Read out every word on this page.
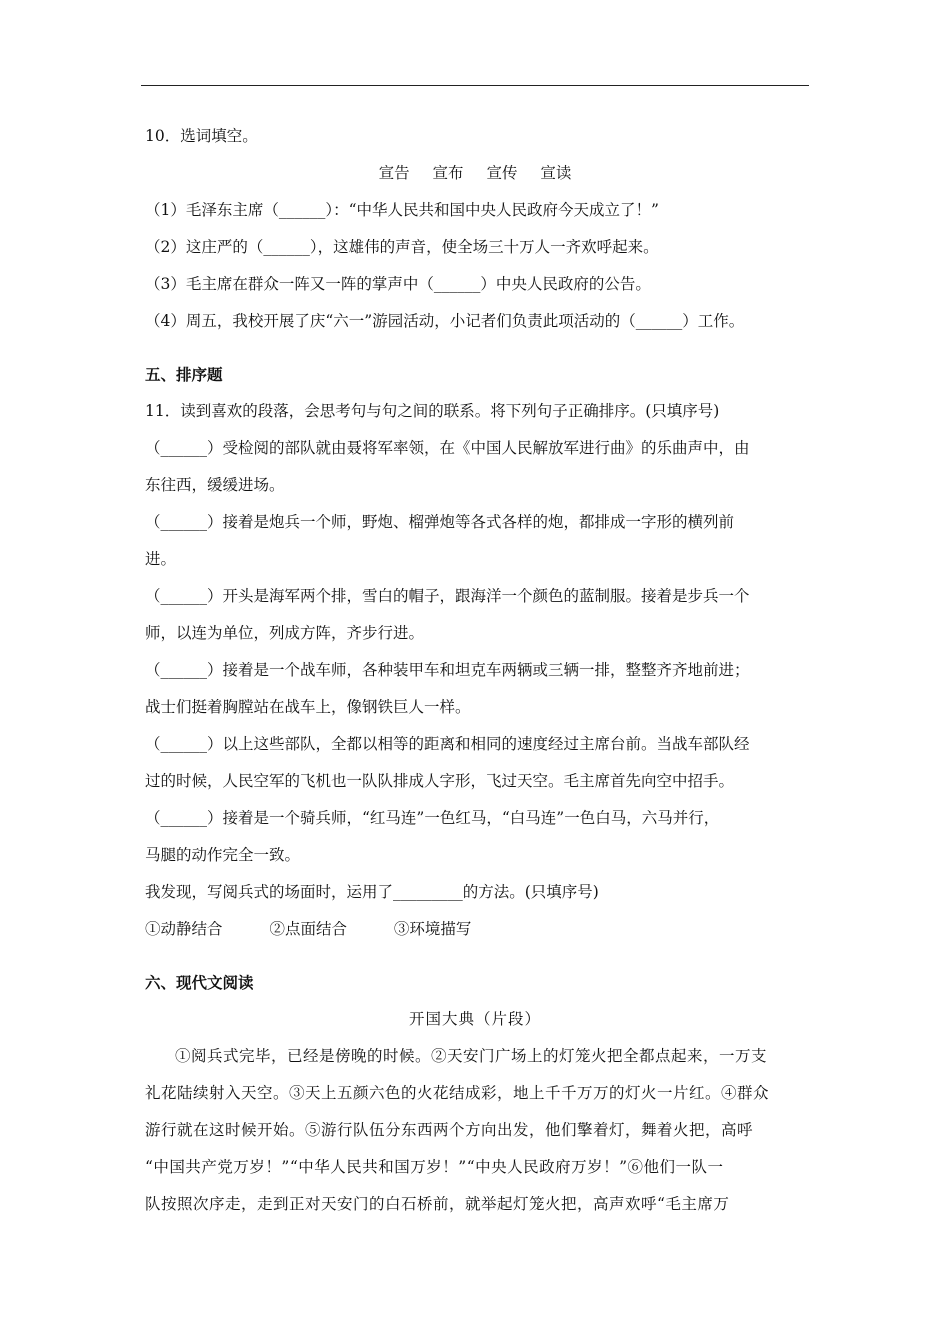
10．选词填空。
宣告 宣布 宣传 宣读
（1）毛泽东主席（______）：“中华人民共和国中央人民政府今天成立了！”
（2）这庄严的（______），这雄伟的声音，使全场三十万人一齐欢呼起来。
（3）毛主席在群众一阵又一阵的掌声中（______）中央人民政府的公告。
（4）周五，我校开展了庆“六一”游园活动，小记者们负责此项活动的（______）工作。
五、排序题
11．读到喜欢的段落，会思考句与句之间的联系。将下列句子正确排序。(只填序号)
（______）受检阅的部队就由聂将军率领，在《中国人民解放军进行曲》的乐曲声中，由
东往西，缓缓进场。
（______）接着是炮兵一个师，野炮、榴弹炮等各式各样的炮，都排成一字形的横列前
进。
（______）开头是海军两个排，雪白的帽子，跟海洋一个颜色的蓝制服。接着是步兵一个
师，以连为单位，列成方阵，齐步行进。
（______）接着是一个战车师，各种装甲车和坦克车两辆或三辆一排，整整齐齐地前进；
战士们挺着胸膛站在战车上，像钢铁巨人一样。
（______）以上这些部队，全都以相等的距离和相同的速度经过主席台前。当战车部队经
过的时候，人民空军的飞机也一队队排成人字形，飞过天空。毛主席首先向空中招手。
（______）接着是一个骑兵师，“红马连”一色红马，“白马连”一色白马，六马并行，
马腿的动作完全一致。
我发现，写阅兵式的场面时，运用了_________的方法。(只填序号)
①动静结合	②点面结合	③环境描写
六、现代文阅读
开国大典（片段）

①阅兵式完毕，已经是傍晚的时候。②天安门广场上的灯笼火把全都点起来，一万支

礼花陆续射入天空。③天上五颜六色的火花结成彩，地上千千万万的灯火一片红。④群众

游行就在这时候开始。⑤游行队伍分东西两个方向出发，他们擎着灯，舞着火把，高呼

“中国共产党万岁！”“中华人民共和国万岁！”“中央人民政府万岁！”⑥他们一队一

队按照次序走，走到正对天安门的白石桥前，就举起灯笼火把，高声欢呼“毛主席万
